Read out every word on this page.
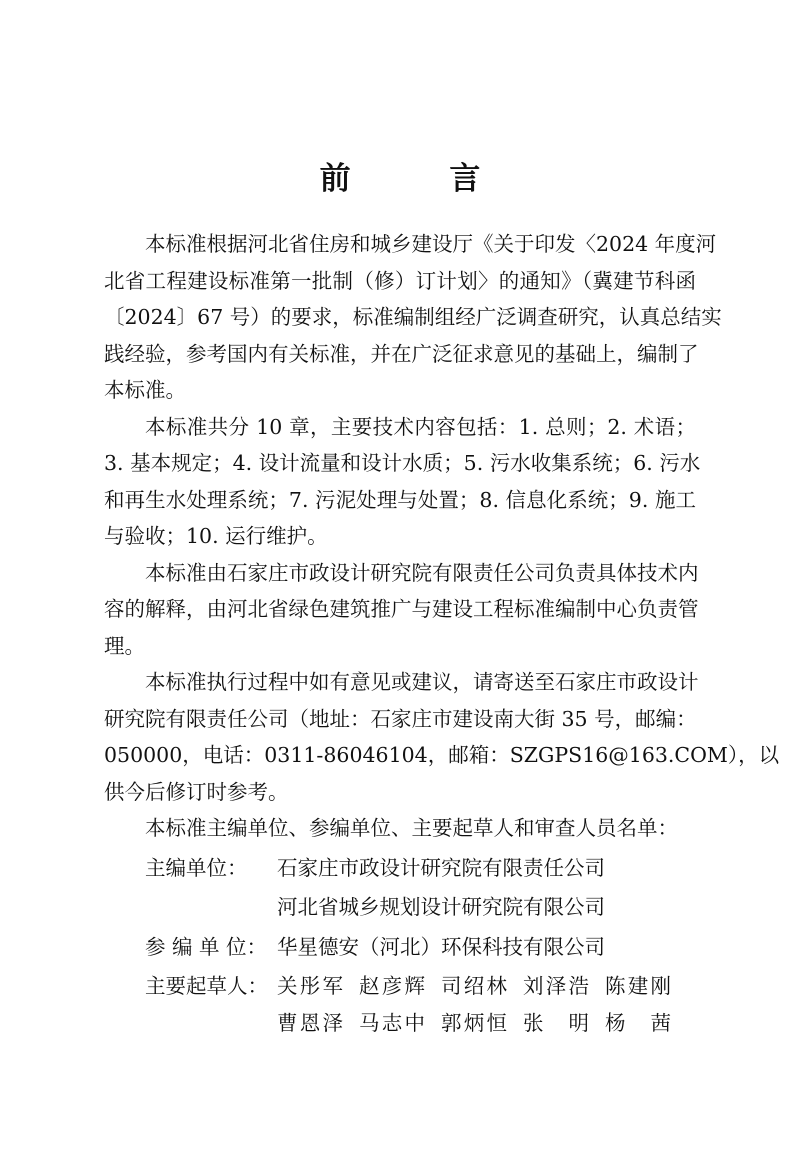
前 言

本标准根据河北省住房和城乡建设厅《关于印发〈2024 年度河
北省工程建设标准第一批制（修）订计划〉的通知》（冀建节科函
〔2024〕67 号）的要求，标准编制组经广泛调查研究，认真总结实
践经验，参考国内有关标准，并在广泛征求意见的基础上，编制了
本标准。

本标准共分 10 章，主要技术内容包括：1. 总则；2. 术语；
3. 基本规定；4. 设计流量和设计水质；5. 污水收集系统；6. 污水
和再生水处理系统；7. 污泥处理与处置；8. 信息化系统；9. 施工
与验收；10. 运行维护。

本标准由石家庄市政设计研究院有限责任公司负责具体技术内
容的解释，由河北省绿色建筑推广与建设工程标准编制中心负责管
理。

本标准执行过程中如有意见或建议，请寄送至石家庄市政设计
研究院有限责任公司（地址：石家庄市建设南大街 35 号，邮编：
050000，电话：0311-86046104，邮箱：SZGPS16@163.COM），以
供今后修订时参考。

本标准主编单位、参编单位、主要起草人和审查人员名单：

主编单位：	石家庄市政设计研究院有限责任公司
河北省城乡规划设计研究院有限公司
参 编 单 位： 华星德安（河北）环保科技有限公司
主要起草人： 关彤军 赵彦辉 司绍林 刘泽浩 陈建刚
曹恩泽 马志中 郭炳恒 张 明 杨 茜
